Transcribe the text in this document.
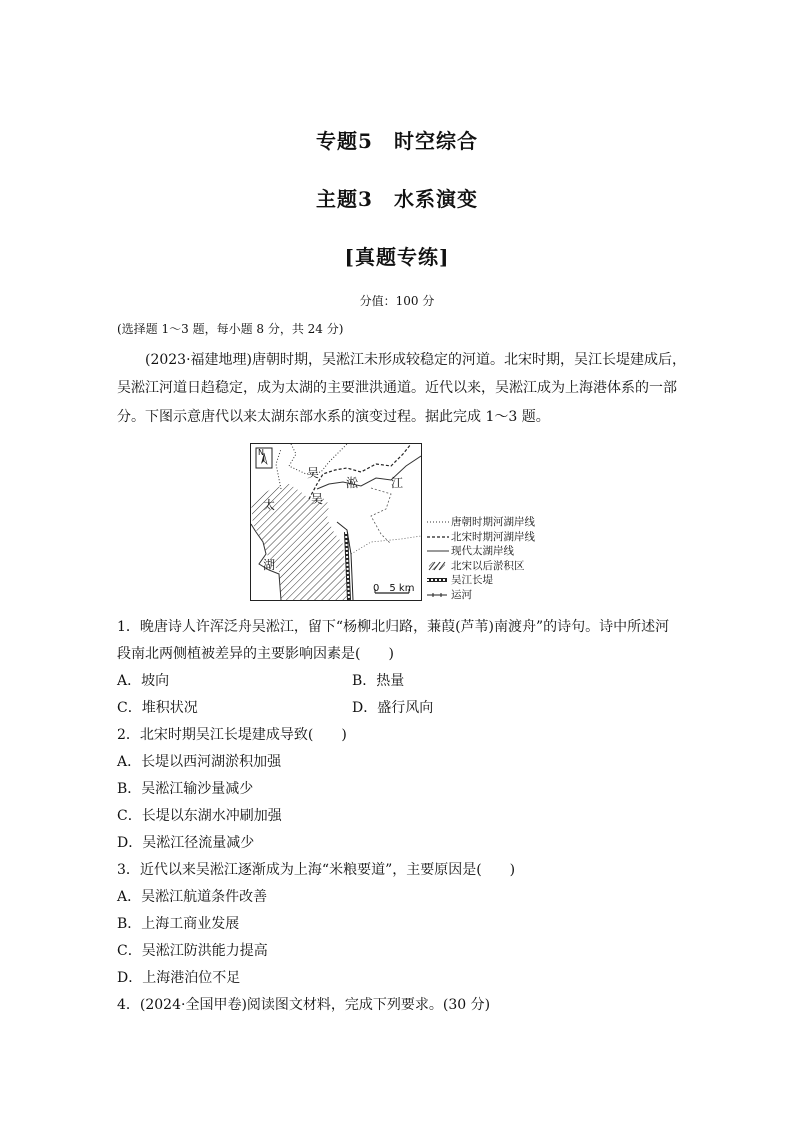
专题5　时空综合
主题3　水系演变
[真题专练]
分值：100 分
(选择题 1～3 题，每小题 8 分，共 24 分)
(2023·福建地理)唐朝时期，吴淞江未形成较稳定的河道。北宋时期，吴江长堤建成后，
吴淞江河道日趋稳定，成为太湖的主要泄洪通道。近代以来，吴淞江成为上海港体系的一部
分。下图示意唐代以来太湖东部水系的演变过程。据此完成 1～3 题。
N
吴
吴
淞	江
太
湖
0　5 km
唐朝时期河湖岸线
北宋时期河湖岸线
现代太湖岸线
北宋以后淤积区
吴江长堤
运河
1．晚唐诗人许浑泛舟吴淞江，留下“杨柳北归路，蒹葭(芦苇)南渡舟”的诗句。诗中所述河
段南北两侧植被差异的主要影响因素是(　　)
A．坡向	B．热量
C．堆积状况	D．盛行风向
2．北宋时期吴江长堤建成导致(　　)
A．长堤以西河湖淤积加强
B．吴淞江输沙量减少
C．长堤以东湖水冲刷加强
D．吴淞江径流量减少
3．近代以来吴淞江逐渐成为上海“米粮要道”，主要原因是(　　)
A．吴淞江航道条件改善
B．上海工商业发展
C．吴淞江防洪能力提高
D．上海港泊位不足
4．(2024·全国甲卷)阅读图文材料，完成下列要求。(30 分)
